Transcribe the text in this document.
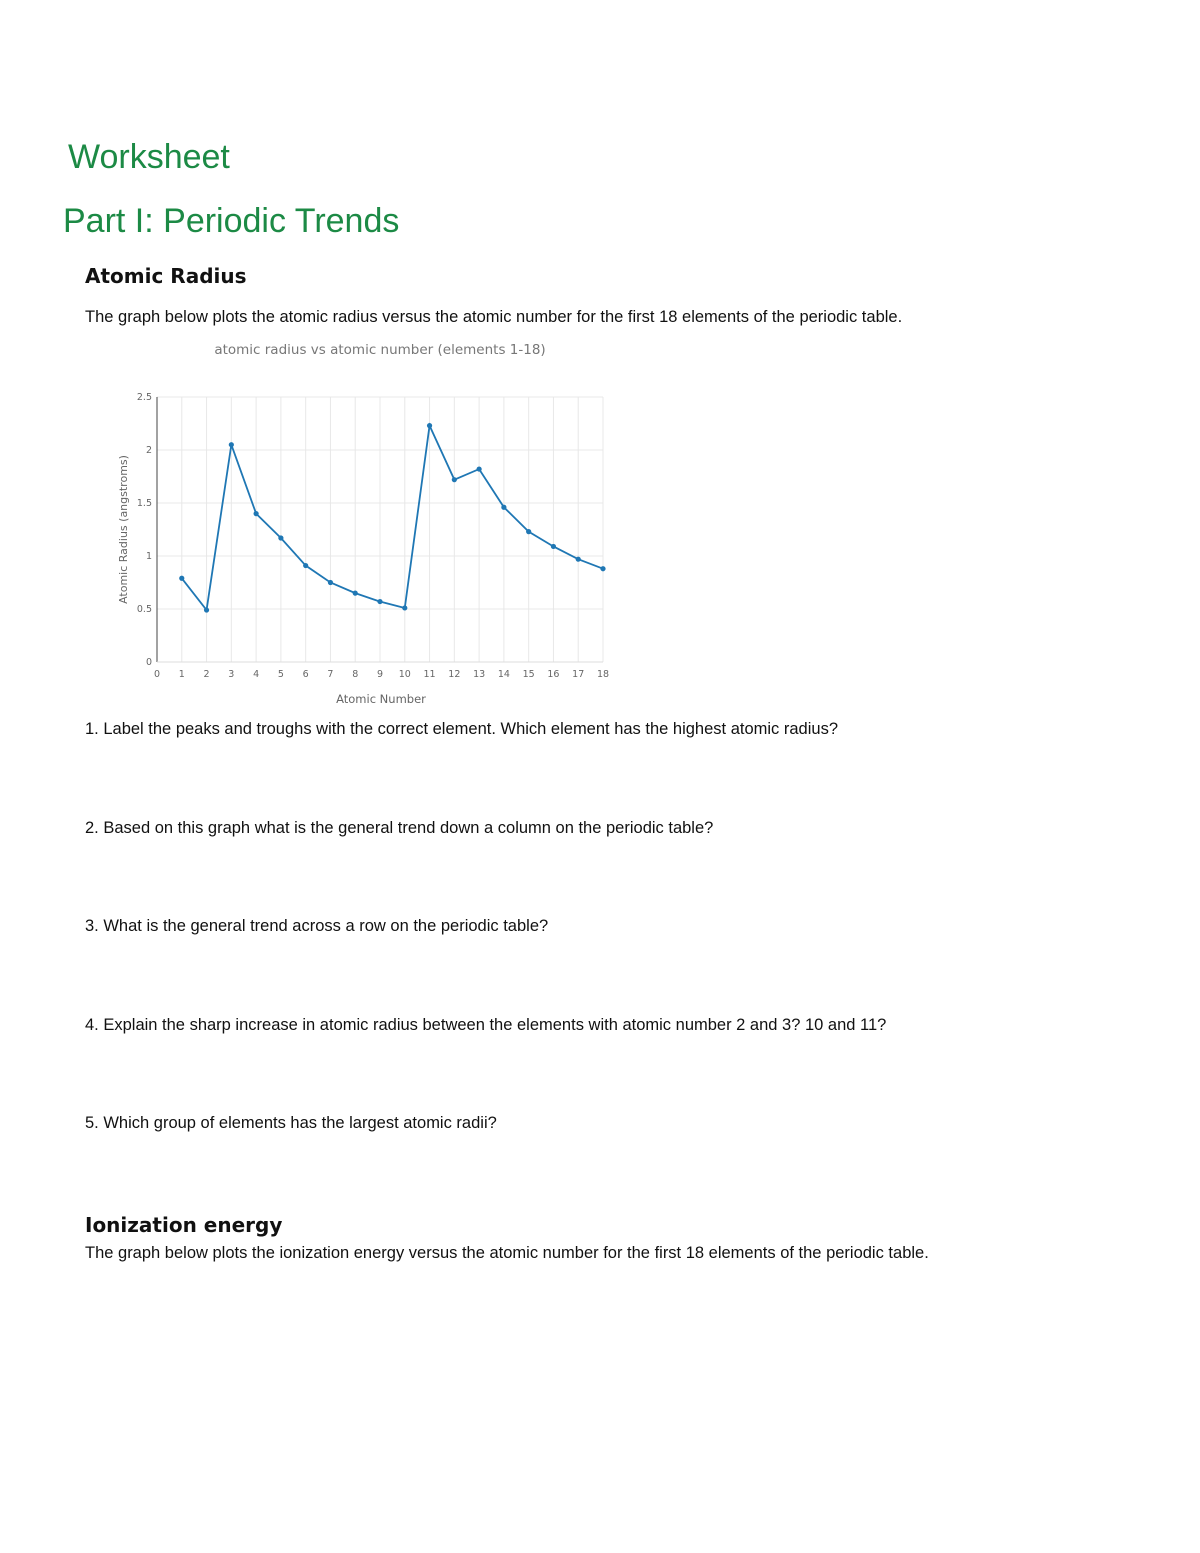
Worksheet
Part I: Periodic Trends
Atomic Radius
The graph below plots the atomic radius versus the atomic number for the first 18 elements of the periodic table.
atomic radius vs atomic number (elements 1-18)
0 1 2 3 4 5 6 7 8 9 10 11 12 13 14 15 16 17 18
0
0.5
1
1.5
2
2.5
Atomic Number
Atomic Radius (angstroms)
1. Label the peaks and troughs with the correct element. Which element has the highest atomic radius?
2. Based on this graph what is the general trend down a column on the periodic table?
3. What is the general trend across a row on the periodic table?
4. Explain the sharp increase in atomic radius between the elements with atomic number 2 and 3? 10 and 11?
5. Which group of elements has the largest atomic radii?
Ionization energy
The graph below plots the ionization energy versus the atomic number for the first 18 elements of the periodic table.
